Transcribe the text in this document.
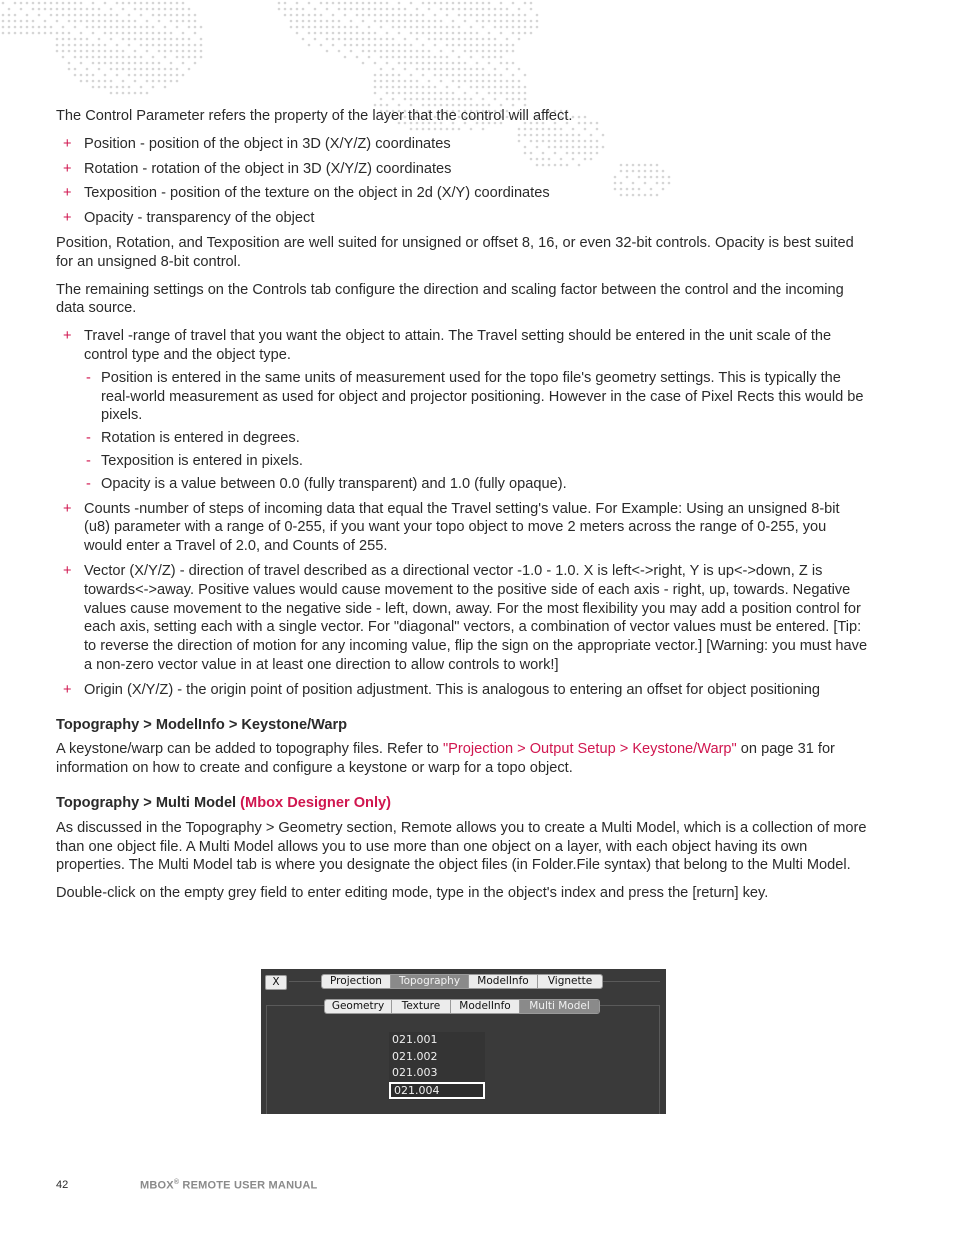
The Control Parameter refers the property of the layer that the control will affect.

+ Position - position of the object in 3D (X/Y/Z) coordinates
+ Rotation - rotation of the object in 3D (X/Y/Z) coordinates
+ Texposition - position of the texture on the object in 2d (X/Y) coordinates
+ Opacity - transparency of the object

Position, Rotation, and Texposition are well suited for unsigned or offset 8, 16, or even 32-bit controls. Opacity is best suited for an unsigned 8-bit control.

The remaining settings on the Controls tab configure the direction and scaling factor between the control and the incoming data source.

+ Travel -range of travel that you want the object to attain. The Travel setting should be entered in the unit scale of the control type and the object type.
- Position is entered in the same units of measurement used for the topo file's geometry settings. This is typically the real-world measurement as used for object and projector positioning. However in the case of Pixel Rects this would be pixels.
- Rotation is entered in degrees.
- Texposition is entered in pixels.
- Opacity is a value between 0.0 (fully transparent) and 1.0 (fully opaque).
+ Counts -number of steps of incoming data that equal the Travel setting's value. For Example: Using an unsigned 8-bit (u8) parameter with a range of 0-255, if you want your topo object to move 2 meters across the range of 0-255, you would enter a Travel of 2.0, and Counts of 255.
+ Vector (X/Y/Z) - direction of travel described as a directional vector -1.0 - 1.0. X is left<->right, Y is up<->down, Z is towards<->away. Positive values would cause movement to the positive side of each axis - right, up, towards. Negative values cause movement to the negative side - left, down, away. For the most flexibility you may add a position control for each axis, setting each with a single vector. For "diagonal" vectors, a combination of vector values must be entered. [Tip: to reverse the direction of motion for any incoming value, flip the sign on the appropriate vector.] [Warning: you must have a non-zero vector value in at least one direction to allow controls to work!]
+ Origin (X/Y/Z) - the origin point of position adjustment. This is analogous to entering an offset for object positioning
Topography > ModelInfo > Keystone/Warp

A keystone/warp can be added to topography files. Refer to "Projection > Output Setup > Keystone/Warp" on page 31 for information on how to create and configure a keystone or warp for a topo object.

Topography > Multi Model (Mbox Designer Only)

As discussed in the Topography > Geometry section, Remote allows you to create a Multi Model, which is a collection of more than one object file. A Multi Model allows you to use more than one object on a layer, with each object having its own properties. The Multi Model tab is where you designate the object files (in Folder.File syntax) that belong to the Multi Model.

Double-click on the empty grey field to enter editing mode, type in the object's index and press the [return] key.

X	Projection	Topography	ModelInfo	Vignette
Geometry	Texture	ModelInfo	Multi Model
021.001
021.002
021.003
021.004
42	MBOX® REMOTE USER MANUAL
